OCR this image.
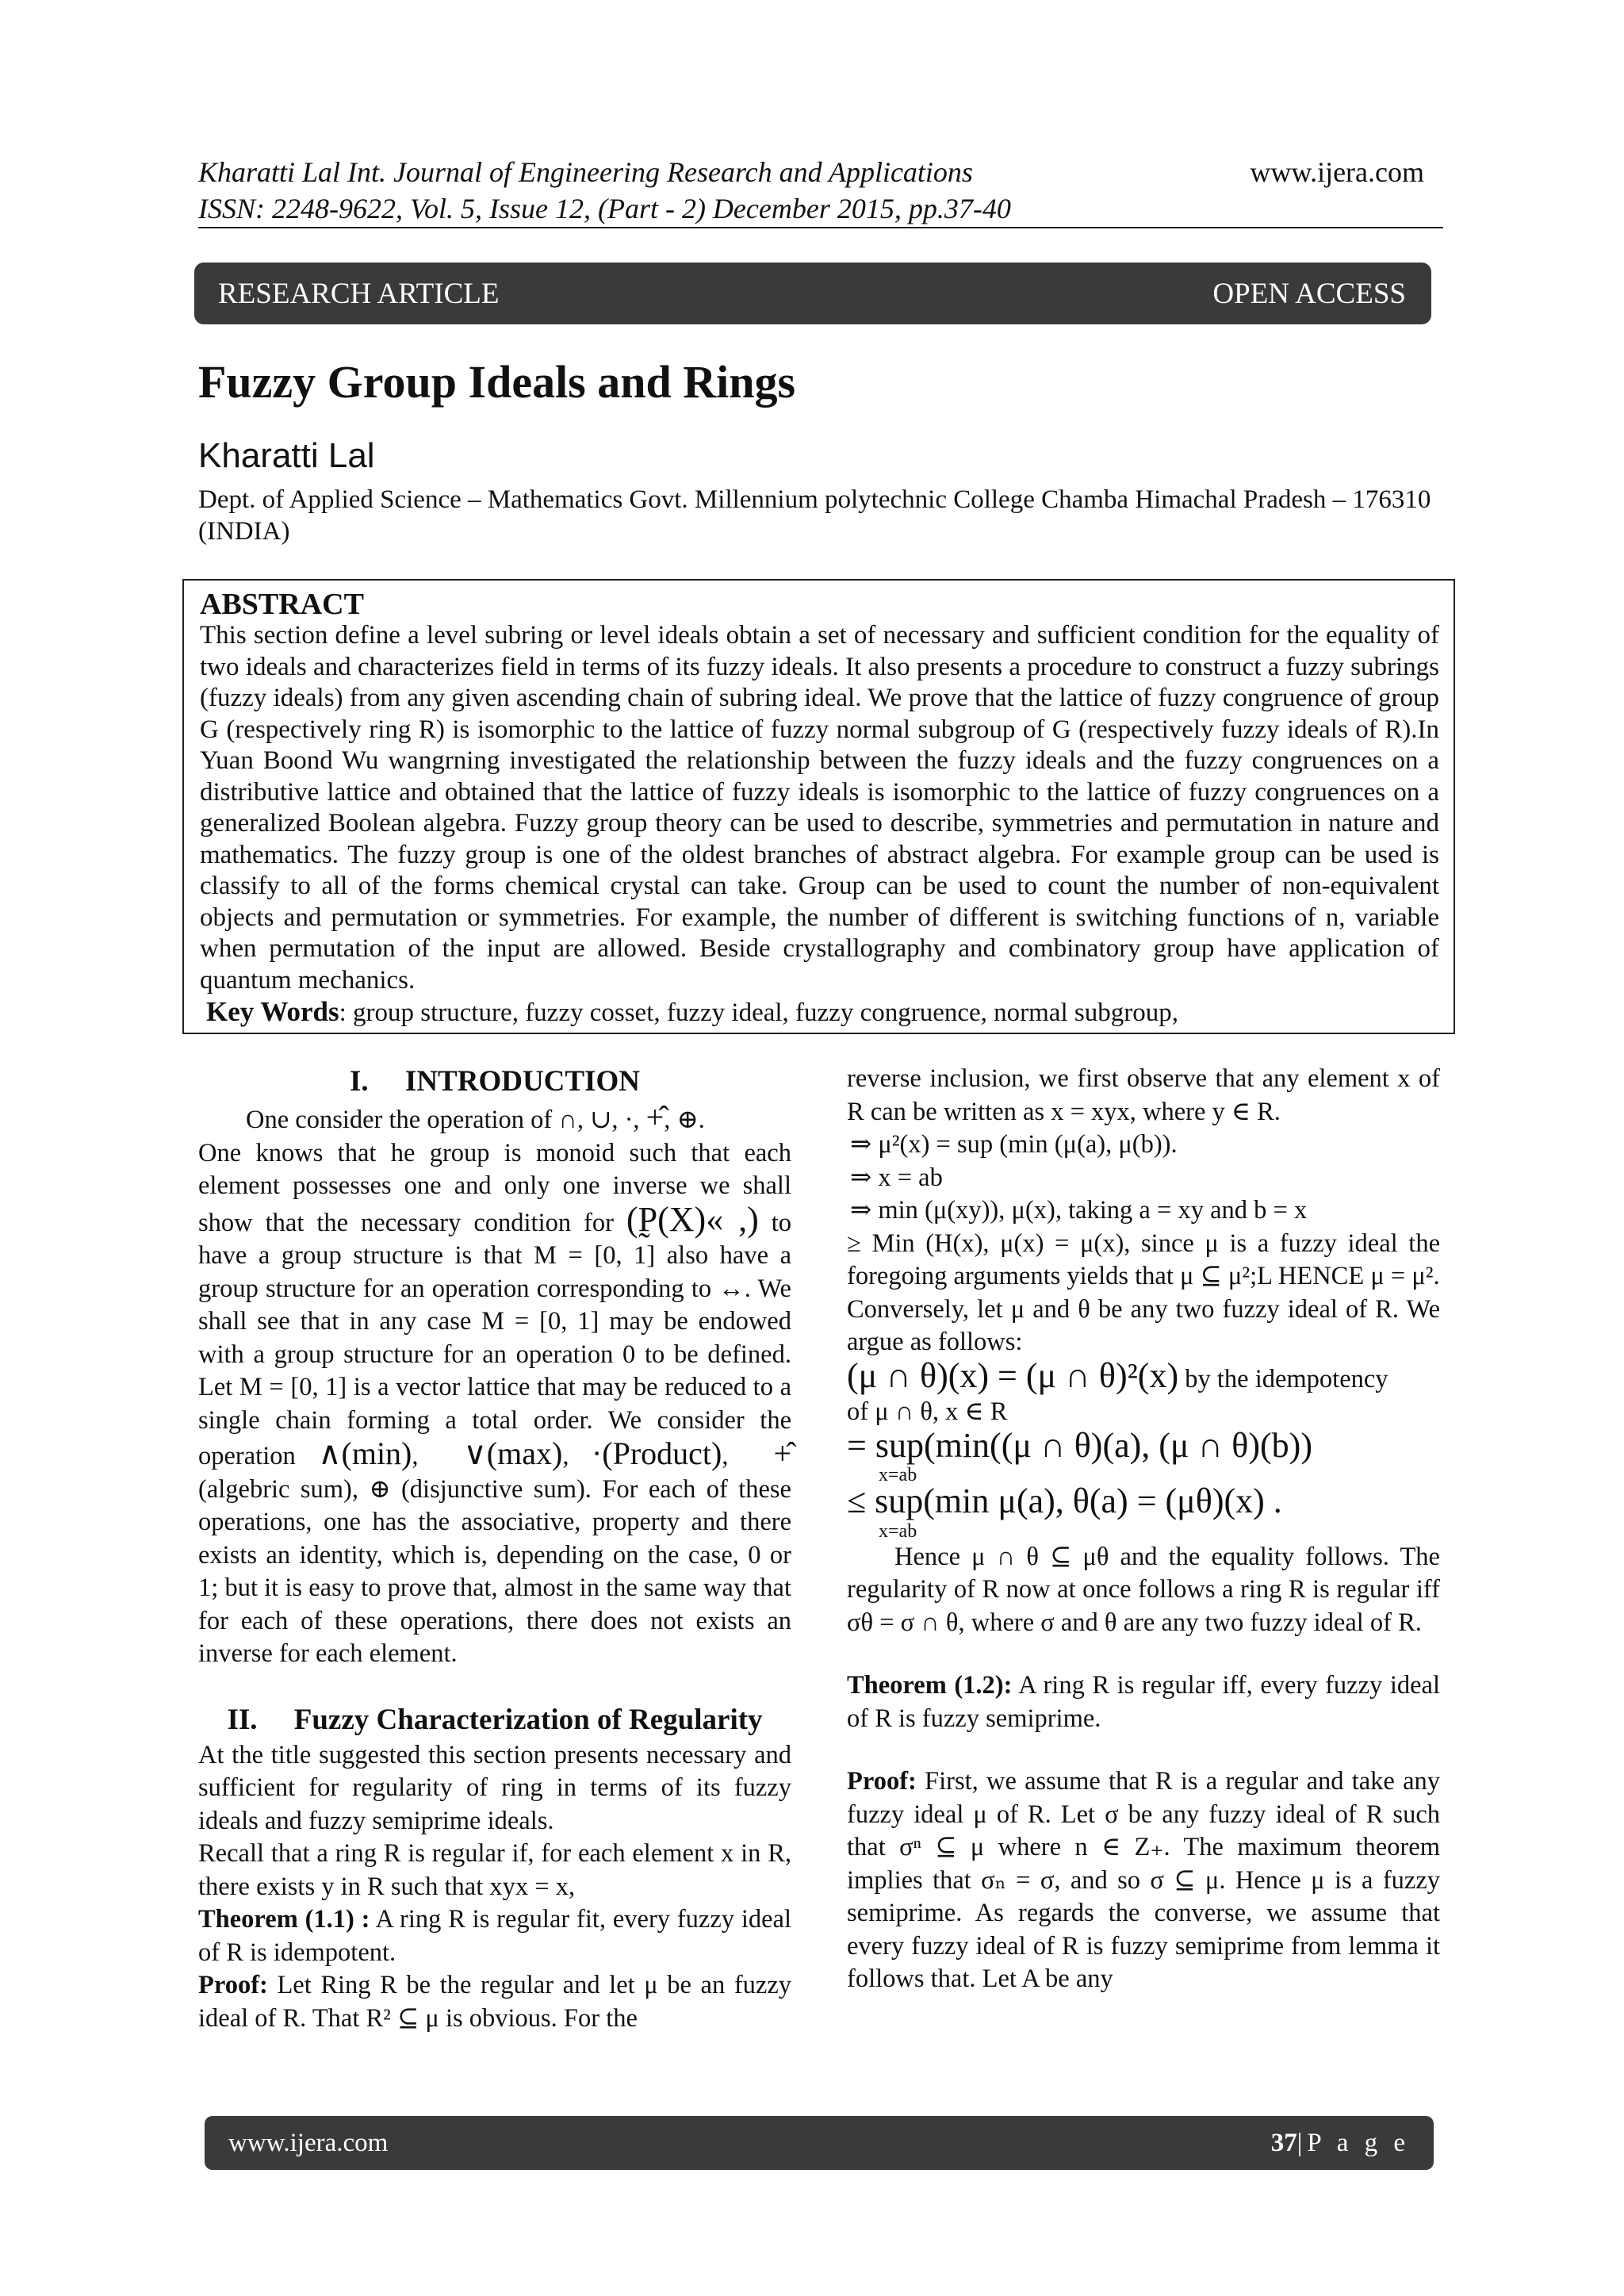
Kharatti Lal Int. Journal of Engineering Research and Applications
ISSN: 2248-9622, Vol. 5, Issue 12, (Part - 2) December 2015, pp.37-40
www.ijera.com
RESEARCH ARTICLE	OPEN ACCESS
Fuzzy Group Ideals and Rings
Kharatti Lal
Dept. of Applied Science – Mathematics Govt. Millennium polytechnic College Chamba Himachal Pradesh – 176310 (INDIA)
ABSTRACT
This section define a level subring or level ideals obtain a set of necessary and sufficient condition for the equality of two ideals and characterizes field in terms of its fuzzy ideals. It also presents a procedure to construct a fuzzy subrings (fuzzy ideals) from any given ascending chain of subring ideal. We prove that the lattice of fuzzy congruence of group G (respectively ring R) is isomorphic to the lattice of fuzzy normal subgroup of G (respectively fuzzy ideals of R).In Yuan Boond Wu wangrning investigated the relationship between the fuzzy ideals and the fuzzy congruences on a distributive lattice and obtained that the lattice of fuzzy ideals is isomorphic to the lattice of fuzzy congruences on a generalized Boolean algebra. Fuzzy group theory can be used to describe, symmetries and permutation in nature and mathematics. The fuzzy group is one of the oldest branches of abstract algebra. For example group can be used is classify to all of the forms chemical crystal can take. Group can be used to count the number of non-equivalent objects and permutation or symmetries. For example, the number of different is switching functions of n, variable when permutation of the input are allowed. Beside crystallography and combinatory group have application of quantum mechanics.
Key Words: group structure, fuzzy cosset, fuzzy ideal, fuzzy congruence, normal subgroup,
I. INTRODUCTION

One consider the operation of ∩, ∪, ·, +̂, ⊕.

One knows that he group is monoid such that each element possesses one and only one inverse we shall show that the necessary condition for (P̰(X)« ,) to have a group structure is that M = [0, 1] also have a group structure for an operation corresponding to ↔. We shall see that in any case M = [0, 1] may be endowed with a group structure for an operation 0 to be defined. Let M = [0, 1] is a vector lattice that may be reduced to a single chain forming a total order. We consider the operation ∧(min),  ∨(max), ·(Product),  +̂ (algebric sum), ⊕ (disjunctive sum). For each of these operations, one has the associative, property and there exists an identity, which is, depending on the case, 0 or 1; but it is easy to prove that, almost in the same way that for each of these operations, there does not exists an inverse for each element.

II. Fuzzy Characterization of Regularity

At the title suggested this section presents necessary and sufficient for regularity of ring in terms of its fuzzy ideals and fuzzy semiprime ideals.

Recall that a ring R is regular if, for each element x in R, there exists y in R such that xyx = x,

Theorem (1.1) : A ring R is regular fit, every fuzzy ideal of R is idempotent.

Proof: Let Ring R be the regular and let μ be an fuzzy ideal of R. That R² ⊆ μ is obvious. For the

reverse inclusion, we first observe that any element x of R can be written as x = xyx, where y ∈ R.

⇒ μ²(x) = sup (min (μ(a), μ(b)).

⇒ x = ab

⇒ min (μ(xy)), μ(x), taking a = xy and b = x

≥ Min (H(x), μ(x) = μ(x), since μ is a fuzzy ideal the foregoing arguments yields that μ ⊆ μ²;L HENCE μ = μ².

Conversely, let μ and θ be any two fuzzy ideal of R. We argue as follows:

(μ ∩ θ)(x) = (μ ∩ θ)²(x) by the idempotency

of μ ∩ θ, x ∈ R

= sup(min((μ ∩ θ)(a), (μ ∩ θ)(b))
x=ab

≤ sup(min μ(a), θ(a) = (μθ)(x) .
x=ab

Hence μ ∩ θ ⊆ μθ and the equality follows. The regularity of R now at once follows a ring R is regular iff σθ = σ ∩ θ, where σ and θ are any two fuzzy ideal of R.

Theorem (1.2): A ring R is regular iff, every fuzzy ideal of R is fuzzy semiprime.

Proof: First, we assume that R is a regular and take any fuzzy ideal μ of R. Let σ be any fuzzy ideal of R such that σⁿ ⊆ μ where n ∈ Z₊. The maximum theorem implies that σₙ = σ, and so σ ⊆ μ. Hence μ is a fuzzy semiprime. As regards the converse, we assume that every fuzzy ideal of R is fuzzy semiprime from lemma it follows that. Let A be any

www.ijera.com	37|P a g e
